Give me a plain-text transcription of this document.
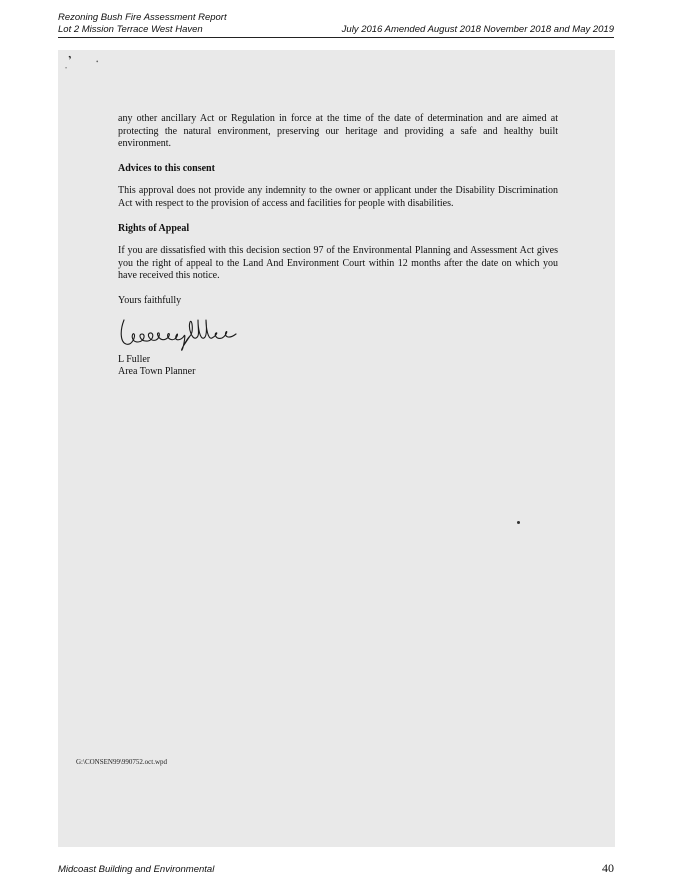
Rezoning Bush Fire Assessment Report
Lot 2 Mission Terrace West Haven	July 2016 Amended August 2018 November 2018 and May 2019
’	•
•

any other ancillary Act or Regulation in force at the time of the date of determination and are aimed at protecting the natural environment, preserving our heritage and providing a safe and healthy built environment.

Advices to this consent

This approval does not provide any indemnity to the owner or applicant under the Disability Discrimination Act with respect to the provision of access and facilities for people with disabilities.

Rights of Appeal

If you are dissatisfied with this decision section 97 of the Environmental Planning and Assessment Act gives you the right of appeal to the Land And Environment Court within 12 months after the date on which you have received this notice.

Yours faithfully

L Fuller
Area Town Planner
G:\CONSEN99\990752.oct.wpd
Midcoast Building and Environmental	40
